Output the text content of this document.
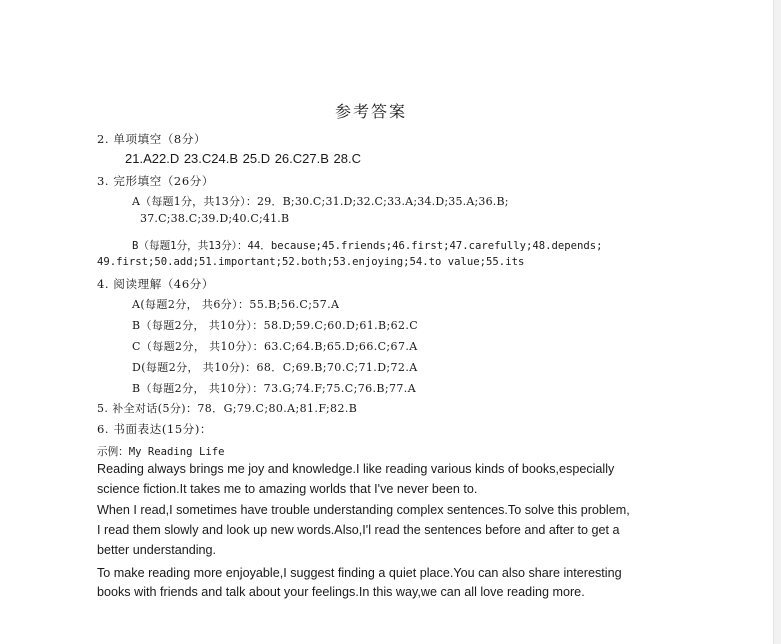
参考答案
2. 单项填空（8分）
21.A22.D 23.C24.B 25.D 26.C27.B 28.C
3. 完形填空（26分）
A（每题1分，共13分）：29．B;30.C;31.D;32.C;33.A;34.D;35.A;36.B;
37.C;38.C;39.D;40.C;41.B
B（每题1分，共13分）：44．because;45.friends;46.first;47.carefully;48.depends;
49.first;50.add;51.important;52.both;53.enjoying;54.to value;55.its
4. 阅读理解（46分）
A(每题2分， 共6分）：55.B;56.C;57.A
B（每题2分， 共10分）：58.D;59.C;60.D;61.B;62.C
C（每题2分， 共10分）：63.C;64.B;65.D;66.C;67.A
D(每题2分， 共10分)：68．C;69.B;70.C;71.D;72.A
B（每题2分， 共10分）：73.G;74.F;75.C;76.B;77.A
5. 补全对话(5分)：78．G;79.C;80.A;81.F;82.B
6. 书面表达(15分)：
示例：My Reading Life
Reading always brings me joy and knowledge.I like reading various kinds of books,especially
science fiction.It takes me to amazing worlds that I've never been to.
When I read,I sometimes have trouble understanding complex sentences.To solve this problem,
I read them slowly and look up new words.Also,I'l read the sentences before and after to get a
better understanding.
To make reading more enjoyable,I suggest finding a quiet place.You can also share interesting
books with friends and talk about your feelings.In this way,we can all love reading more.
